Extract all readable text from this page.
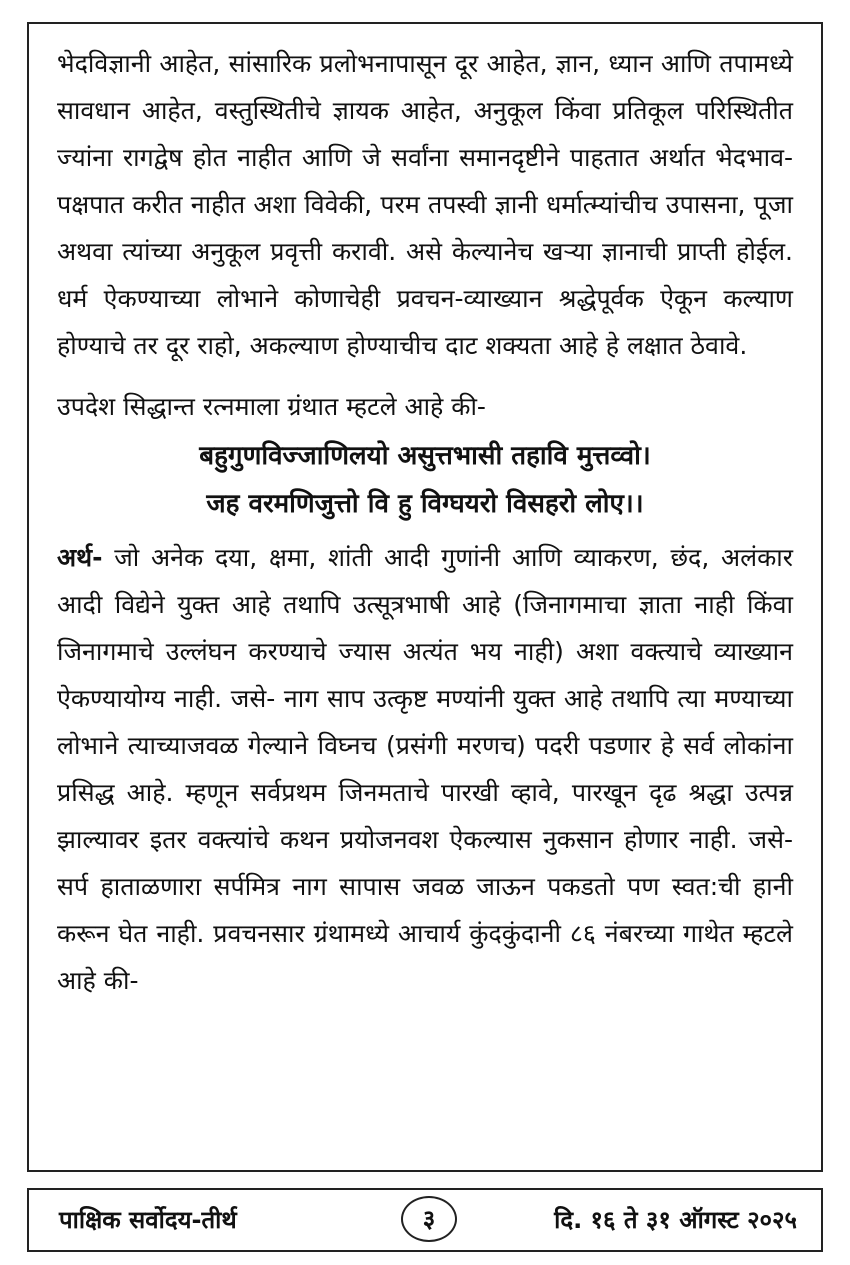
भेदविज्ञानी आहेत, सांसारिक प्रलोभनापासून दूर आहेत, ज्ञान, ध्यान आणि तपामध्ये सावधान आहेत, वस्तुस्थितीचे ज्ञायक आहेत, अनुकूल किंवा प्रतिकूल परिस्थितीत ज्यांना रागद्वेष होत नाहीत आणि जे सर्वांना समानदृष्टीने पाहतात अर्थात भेदभाव-पक्षपात करीत नाहीत अशा विवेकी, परम तपस्वी ज्ञानी धर्मात्म्यांचीच उपासना, पूजा अथवा त्यांच्या अनुकूल प्रवृत्ती करावी. असे केल्यानेच खऱ्या ज्ञानाची प्राप्ती होईल. धर्म ऐकण्याच्या लोभाने कोणाचेही प्रवचन-व्याख्यान श्रद्धेपूर्वक ऐकून कल्याण होण्याचे तर दूर राहो, अकल्याण होण्याचीच दाट शक्यता आहे हे लक्षात ठेवावे.

उपदेश सिद्धान्त रत्नमाला ग्रंथात म्हटले आहे की-

बहुगुणविज्जाणिलयो असुत्तभासी तहावि मुत्तव्वो।
जह वरमणिजुत्तो वि हु विग्घयरो विसहरो लोए।।

अर्थ- जो अनेक दया, क्षमा, शांती आदी गुणांनी आणि व्याकरण, छंद, अलंकार आदी विद्येने युक्त आहे तथापि उत्सूत्रभाषी आहे (जिनागमाचा ज्ञाता नाही किंवा जिनागमाचे उल्लंघन करण्याचे ज्यास अत्यंत भय नाही) अशा वक्त्याचे व्याख्यान ऐकण्यायोग्य नाही. जसे- नाग साप उत्कृष्ट मण्यांनी युक्त आहे तथापि त्या मण्याच्या लोभाने त्याच्याजवळ गेल्याने विघ्नच (प्रसंगी मरणच) पदरी पडणार हे सर्व लोकांना प्रसिद्ध आहे. म्हणून सर्वप्रथम जिनमताचे पारखी व्हावे, पारखून दृढ श्रद्धा उत्पन्न झाल्यावर इतर वक्त्यांचे कथन प्रयोजनवश ऐकल्यास नुकसान होणार नाही. जसे- सर्प हाताळणारा सर्पमित्र नाग सापास जवळ जाऊन पकडतो पण स्वत:ची हानी करून घेत नाही. प्रवचनसार ग्रंथामध्ये आचार्य कुंदकुंदानी ८६ नंबरच्या गाथेत म्हटले आहे की-

पाक्षिक सर्वोदय-तीर्थ	३	दि. १६ ते ३१ ऑगस्ट २०२५
